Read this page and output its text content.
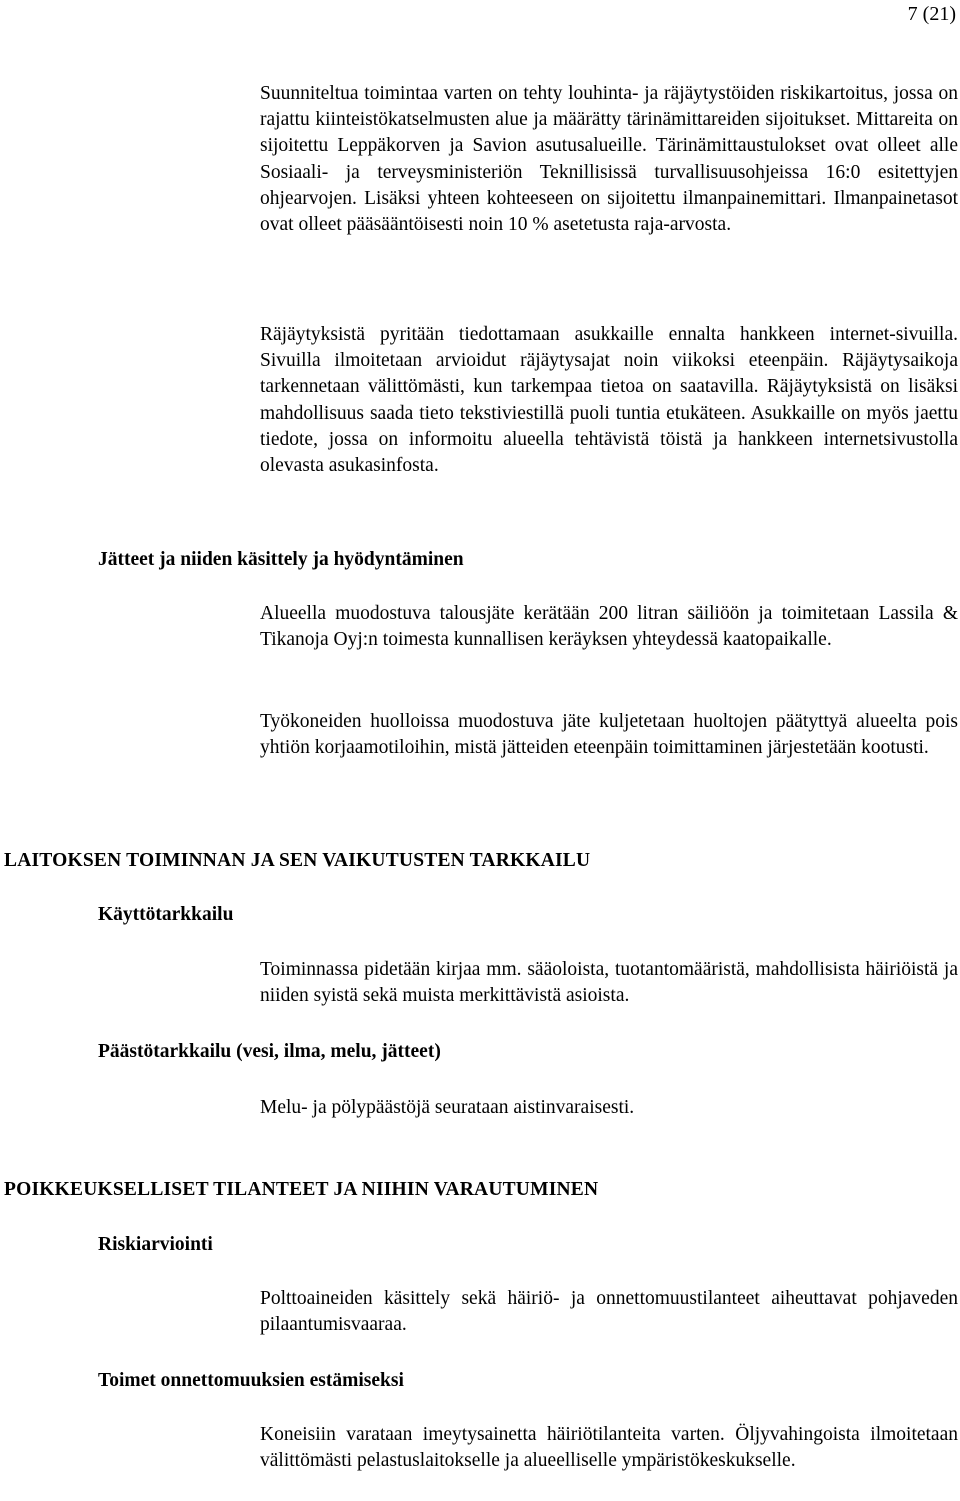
7 (21)

Suunniteltua toimintaa varten on tehty louhinta- ja räjäytystöiden riskikartoitus, jossa on rajattu kiinteistökatselmusten alue ja määrätty tärinämittareiden sijoitukset. Mittareita on sijoitettu Leppäkorven ja Savion asutusalueille. Tärinämittaustulokset ovat olleet alle Sosiaali- ja terveysministeriön Teknillisissä turvallisuusohjeissa 16:0 esitettyjen ohjearvojen. Lisäksi yhteen kohteeseen on sijoitettu ilmanpainemittari. Ilmanpainetasot ovat olleet pääsääntöisesti noin 10 % asetetusta raja-arvosta.

Räjäytyksistä pyritään tiedottamaan asukkaille ennalta hankkeen internet-sivuilla. Sivuilla ilmoitetaan arvioidut räjäytysajat noin viikoksi eteenpäin. Räjäytysaikoja tarkennetaan välittömästi, kun tarkempaa tietoa on saatavilla. Räjäytyksistä on lisäksi mahdollisuus saada tieto tekstiviestillä puoli tuntia etukäteen. Asukkaille on myös jaettu tiedote, jossa on informoitu alueella tehtävistä töistä ja hankkeen internetsivustolla olevasta asukasinfosta.

Jätteet ja niiden käsittely ja hyödyntäminen

Alueella muodostuva talousjäte kerätään 200 litran säiliöön ja toimitetaan Lassila & Tikanoja Oyj:n toimesta kunnallisen keräyksen yhteydessä kaatopaikalle.

Työkoneiden huolloissa muodostuva jäte kuljetetaan huoltojen päätyttyä alueelta pois yhtiön korjaamotiloihin, mistä jätteiden eteenpäin toimittaminen järjestetään kootusti.

LAITOKSEN TOIMINNAN JA SEN VAIKUTUSTEN TARKKAILU
Käyttötarkkailu

Toiminnassa pidetään kirjaa mm. sääoloista, tuotantomääristä, mahdollisista häiriöistä ja niiden syistä sekä muista merkittävistä asioista.

Päästötarkkailu (vesi, ilma, melu, jätteet)

Melu- ja pölypäästöjä seurataan aistinvaraisesti.

POIKKEUKSELLISET TILANTEET JA NIIHIN VARAUTUMINEN
Riskiarviointi

Polttoaineiden käsittely sekä häiriö- ja onnettomuustilanteet aiheuttavat pohjaveden pilaantumisvaaraa.

Toimet onnettomuuksien estämiseksi

Koneisiin varataan imeytysainetta häiriötilanteita varten. Öljyvahingoista ilmoitetaan välittömästi pelastuslaitokselle ja alueelliselle ympäristökeskukselle.
